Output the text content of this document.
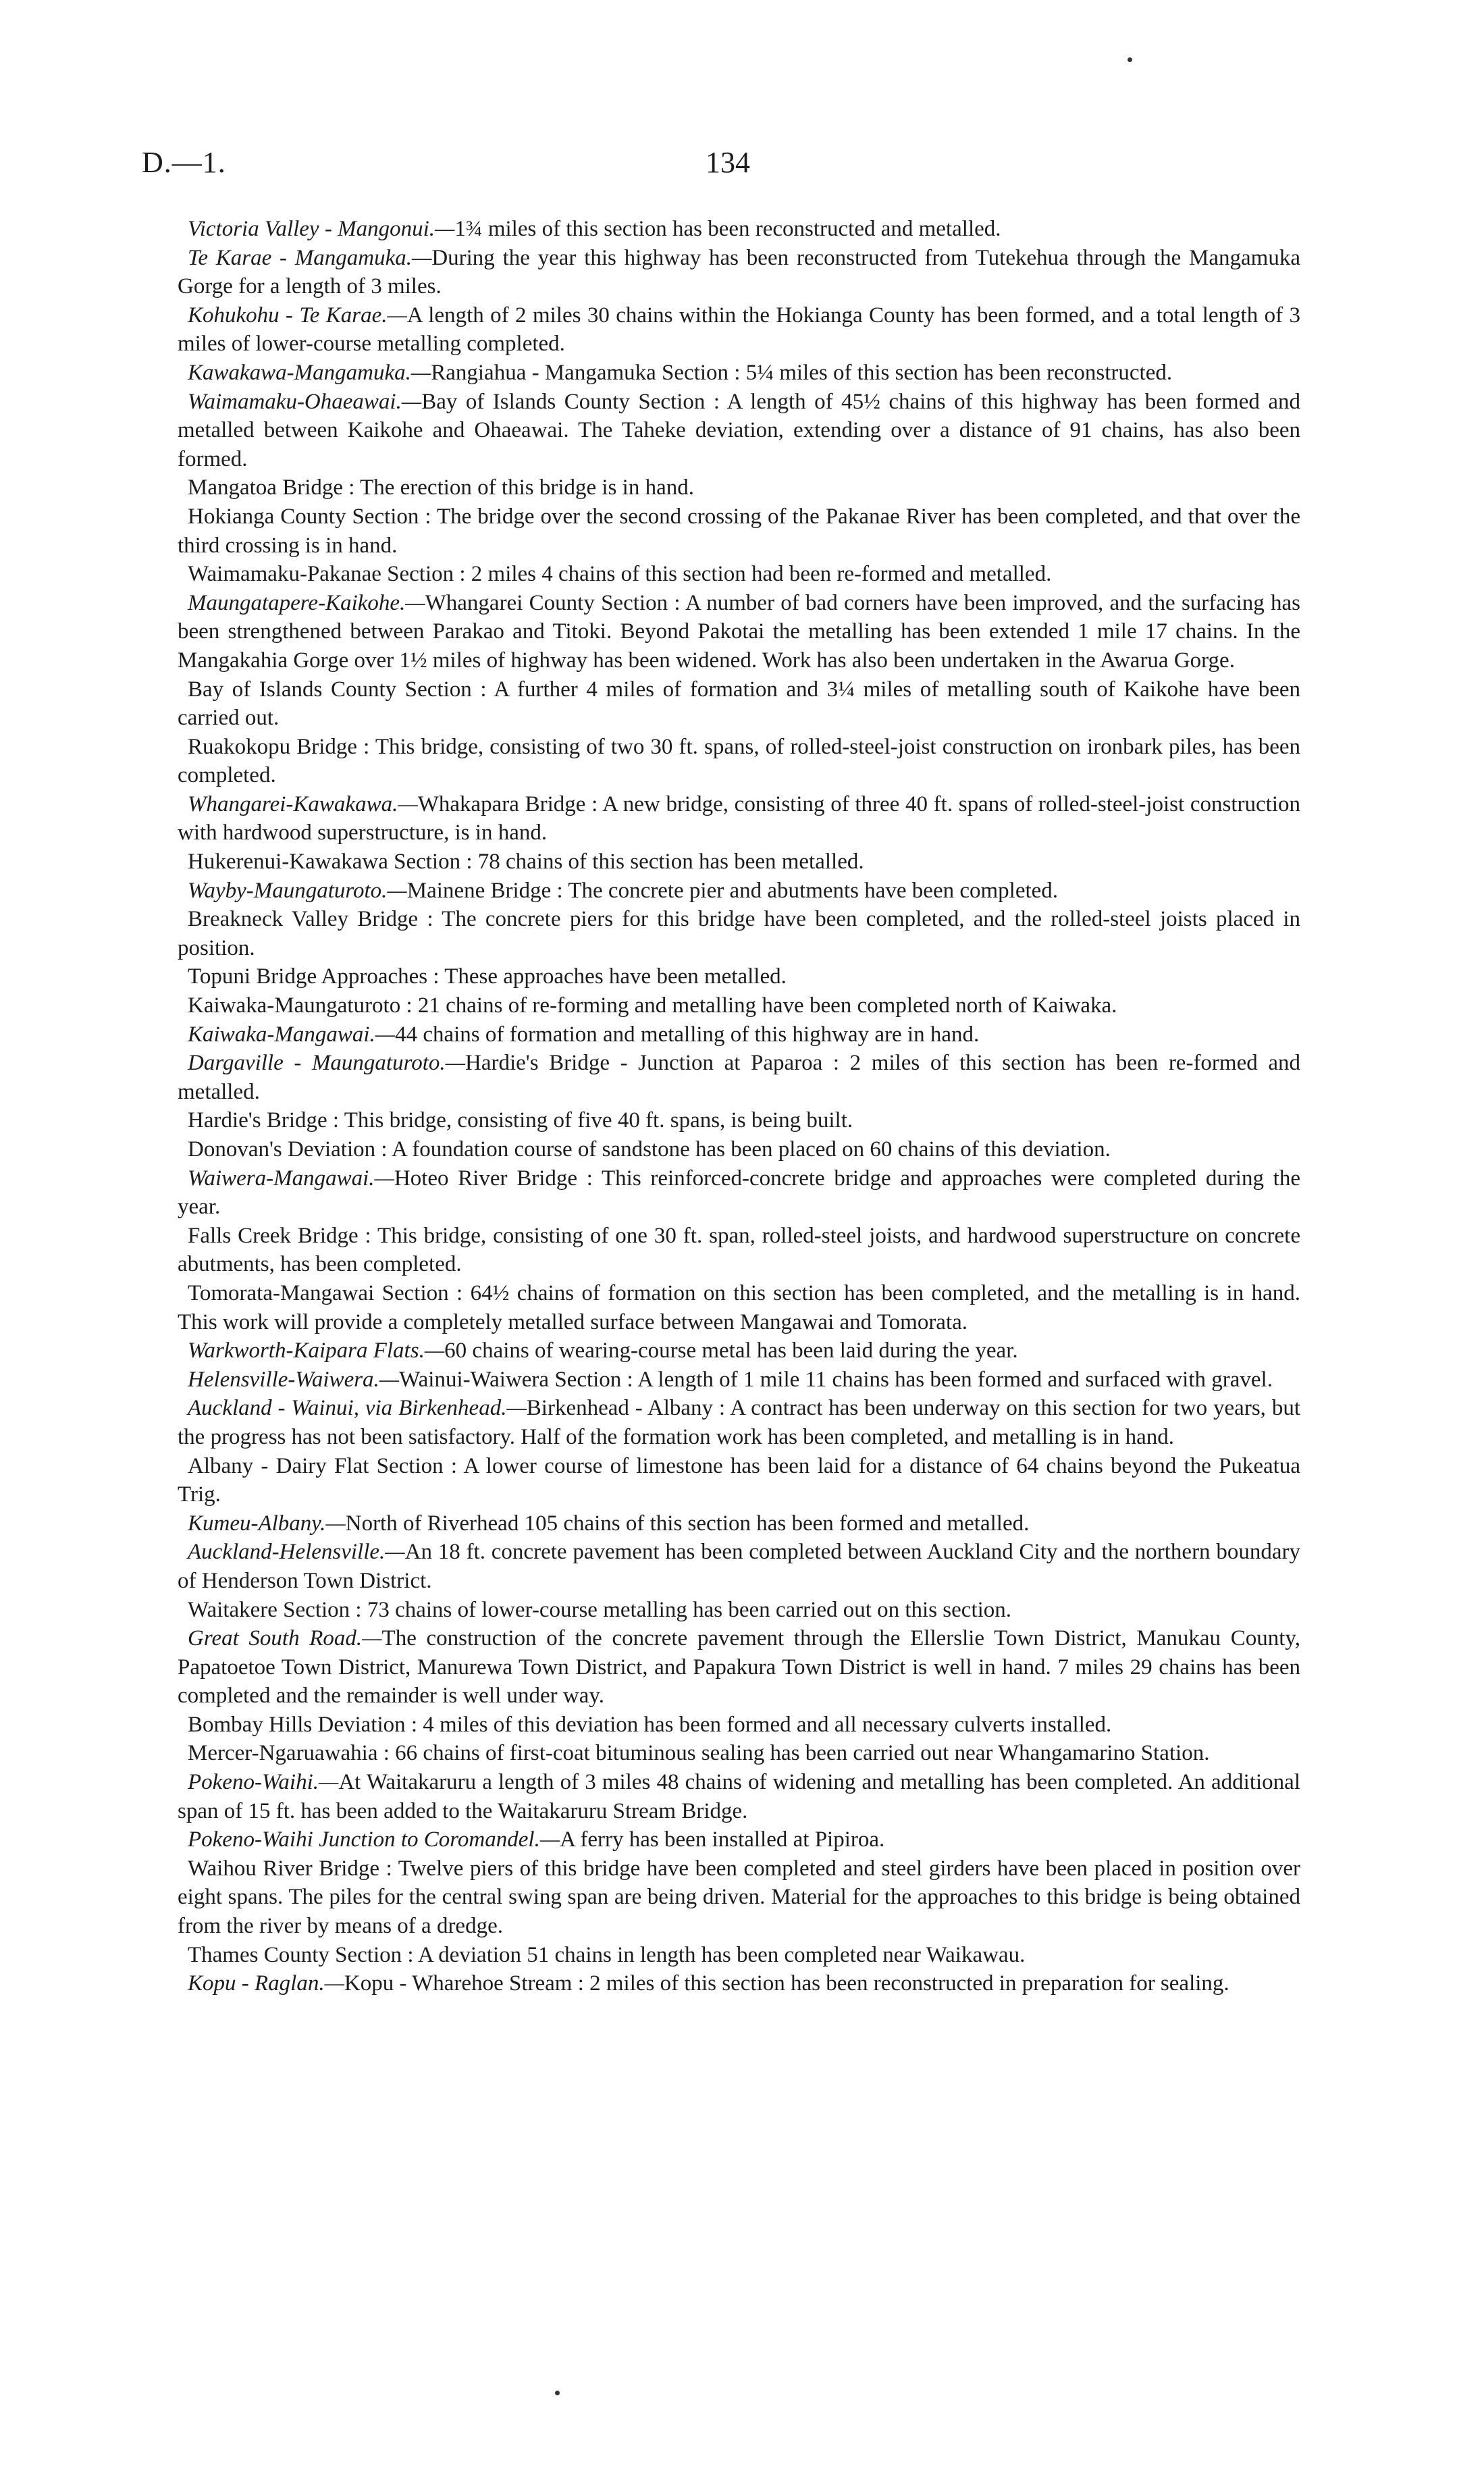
D.—1.	134

Victoria Valley - Mangonui.—1¾ miles of this section has been reconstructed and metalled.

Te Karae - Mangamuka.—During the year this highway has been reconstructed from Tutekehua through the Mangamuka Gorge for a length of 3 miles.

Kohukohu - Te Karae.—A length of 2 miles 30 chains within the Hokianga County has been formed, and a total length of 3 miles of lower-course metalling completed.

Kawakawa-Mangamuka.—Rangiahua - Mangamuka Section : 5¼ miles of this section has been reconstructed.

Waimamaku-Ohaeawai.—Bay of Islands County Section : A length of 45½ chains of this highway has been formed and metalled between Kaikohe and Ohaeawai. The Taheke deviation, extending over a distance of 91 chains, has also been formed.

Mangatoa Bridge : The erection of this bridge is in hand.

Hokianga County Section : The bridge over the second crossing of the Pakanae River has been completed, and that over the third crossing is in hand.

Waimamaku-Pakanae Section : 2 miles 4 chains of this section had been re-formed and metalled.

Maungatapere-Kaikohe.—Whangarei County Section : A number of bad corners have been improved, and the surfacing has been strengthened between Parakao and Titoki. Beyond Pakotai the metalling has been extended 1 mile 17 chains. In the Mangakahia Gorge over 1½ miles of highway has been widened. Work has also been undertaken in the Awarua Gorge.

Bay of Islands County Section : A further 4 miles of formation and 3¼ miles of metalling south of Kaikohe have been carried out.

Ruakokopu Bridge : This bridge, consisting of two 30 ft. spans, of rolled-steel-joist construction on ironbark piles, has been completed.

Whangarei-Kawakawa.—Whakapara Bridge : A new bridge, consisting of three 40 ft. spans of rolled-steel-joist construction with hardwood superstructure, is in hand.

Hukerenui-Kawakawa Section : 78 chains of this section has been metalled.

Wayby-Maungaturoto.—Mainene Bridge : The concrete pier and abutments have been completed.

Breakneck Valley Bridge : The concrete piers for this bridge have been completed, and the rolled-steel joists placed in position.

Topuni Bridge Approaches : These approaches have been metalled.

Kaiwaka-Maungaturoto : 21 chains of re-forming and metalling have been completed north of Kaiwaka.

Kaiwaka-Mangawai.—44 chains of formation and metalling of this highway are in hand.

Dargaville - Maungaturoto.—Hardie's Bridge - Junction at Paparoa : 2 miles of this section has been re-formed and metalled.

Hardie's Bridge : This bridge, consisting of five 40 ft. spans, is being built.

Donovan's Deviation : A foundation course of sandstone has been placed on 60 chains of this deviation.

Waiwera-Mangawai.—Hoteo River Bridge : This reinforced-concrete bridge and approaches were completed during the year.

Falls Creek Bridge : This bridge, consisting of one 30 ft. span, rolled-steel joists, and hardwood superstructure on concrete abutments, has been completed.

Tomorata-Mangawai Section : 64½ chains of formation on this section has been completed, and the metalling is in hand. This work will provide a completely metalled surface between Mangawai and Tomorata.

Warkworth-Kaipara Flats.—60 chains of wearing-course metal has been laid during the year.

Helensville-Waiwera.—Wainui-Waiwera Section : A length of 1 mile 11 chains has been formed and surfaced with gravel.

Auckland - Wainui, via Birkenhead.—Birkenhead - Albany : A contract has been underway on this section for two years, but the progress has not been satisfactory. Half of the formation work has been completed, and metalling is in hand.

Albany - Dairy Flat Section : A lower course of limestone has been laid for a distance of 64 chains beyond the Pukeatua Trig.

Kumeu-Albany.—North of Riverhead 105 chains of this section has been formed and metalled.

Auckland-Helensville.—An 18 ft. concrete pavement has been completed between Auckland City and the northern boundary of Henderson Town District.

Waitakere Section : 73 chains of lower-course metalling has been carried out on this section.

Great South Road.—The construction of the concrete pavement through the Ellerslie Town District, Manukau County, Papatoetoe Town District, Manurewa Town District, and Papakura Town District is well in hand. 7 miles 29 chains has been completed and the remainder is well under way.

Bombay Hills Deviation : 4 miles of this deviation has been formed and all necessary culverts installed.

Mercer-Ngaruawahia : 66 chains of first-coat bituminous sealing has been carried out near Whangamarino Station.

Pokeno-Waihi.—At Waitakaruru a length of 3 miles 48 chains of widening and metalling has been completed. An additional span of 15 ft. has been added to the Waitakaruru Stream Bridge.

Pokeno-Waihi Junction to Coromandel.—A ferry has been installed at Pipiroa.

Waihou River Bridge : Twelve piers of this bridge have been completed and steel girders have been placed in position over eight spans. The piles for the central swing span are being driven. Material for the approaches to this bridge is being obtained from the river by means of a dredge.

Thames County Section : A deviation 51 chains in length has been completed near Waikawau.

Kopu - Raglan.—Kopu - Wharehoe Stream : 2 miles of this section has been reconstructed in preparation for sealing.
